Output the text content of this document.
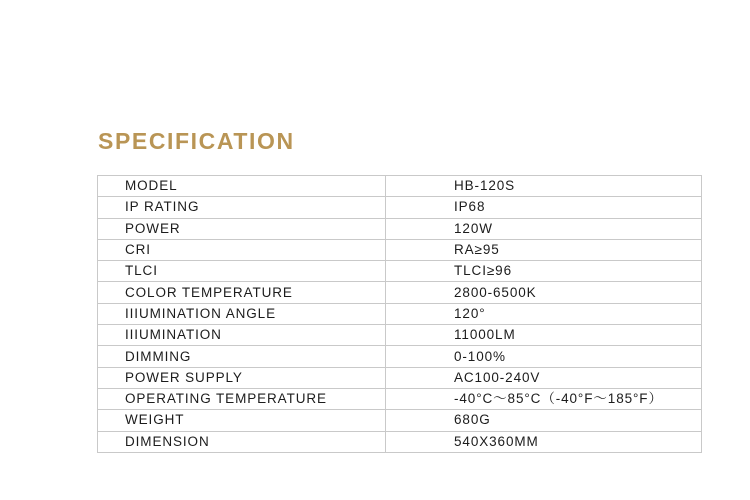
SPECIFICATION
MODEL	HB-120S
IP RATING	IP68
POWER	120W
CRI	RA≥95
TLCI	TLCI≥96
COLOR TEMPERATURE	2800-6500K
IIIUMINATION ANGLE	120°
IIIUMINATION	11000LM
DIMMING	0-100%
POWER SUPPLY	AC100-240V
OPERATING TEMPERATURE	-40°C～85°C（-40°F～185°F）
WEIGHT	680G
DIMENSION	540X360MM
